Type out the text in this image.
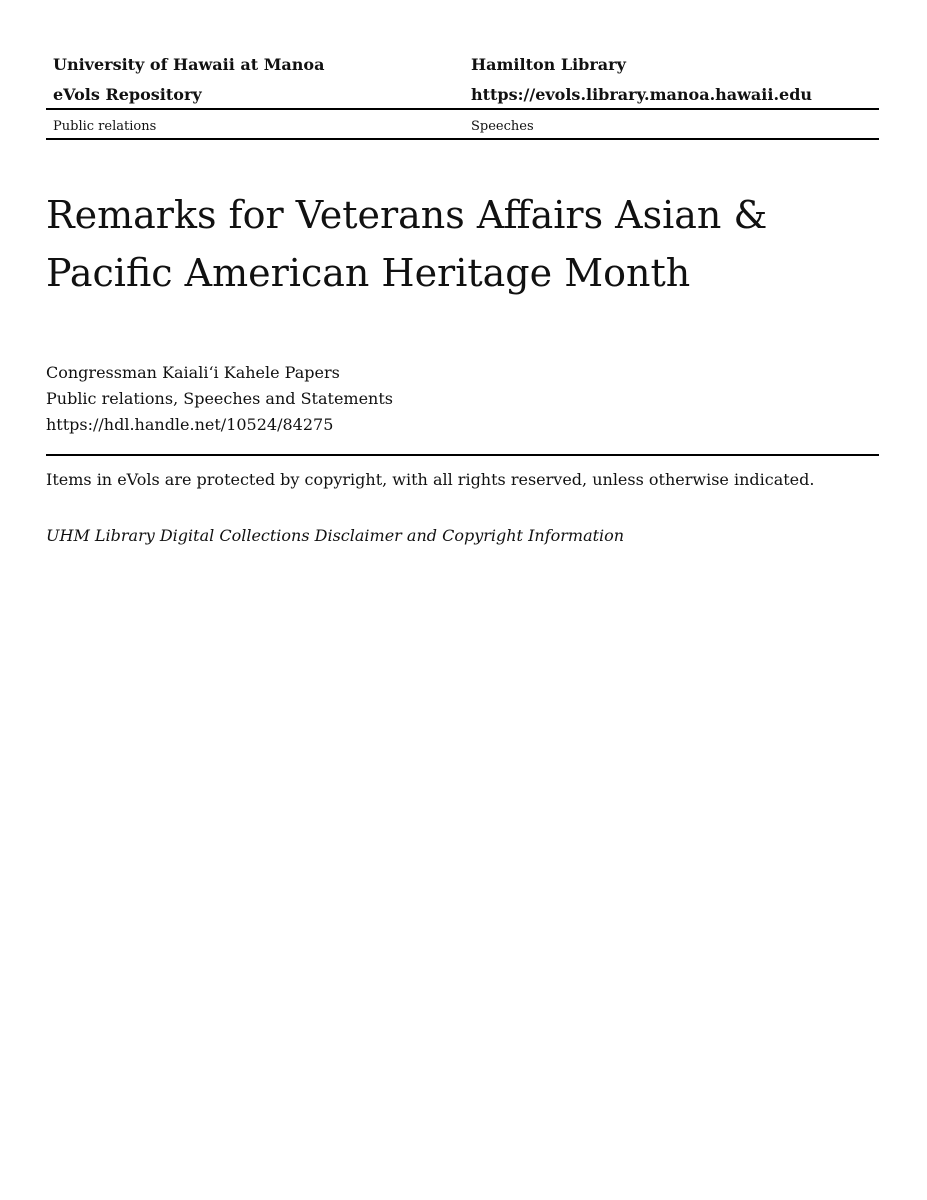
University of Hawaii at Manoa	Hamilton Library
eVols Repository	https://evols.library.manoa.hawaii.edu
Public relations	Speeches
Remarks for Veterans Affairs Asian & Pacific American Heritage Month
Congressman Kaiali‘i Kahele Papers
Public relations, Speeches and Statements
https://hdl.handle.net/10524/84275
Items in eVols are protected by copyright, with all rights reserved, unless otherwise indicated.
UHM Library Digital Collections Disclaimer and Copyright Information
